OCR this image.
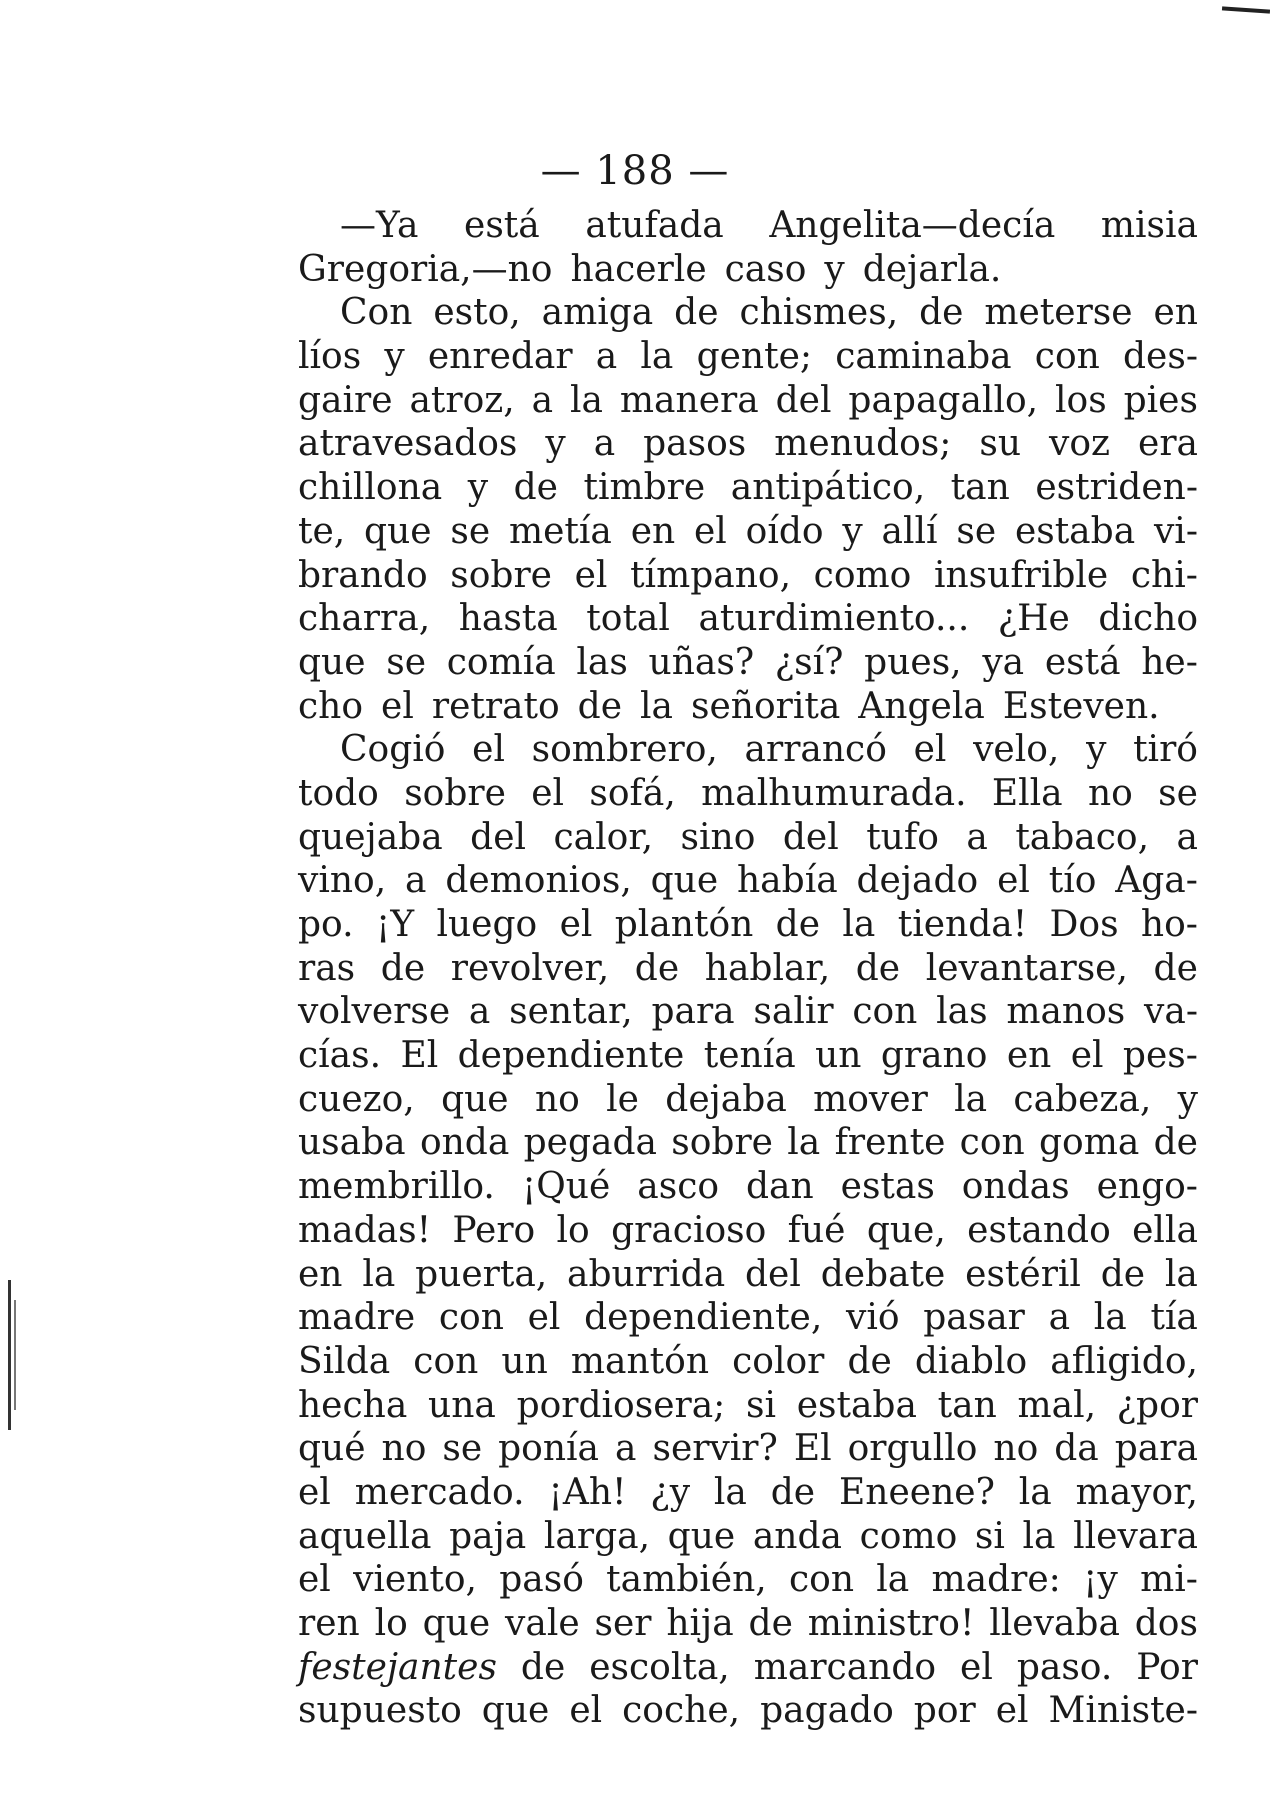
— 188 —
—Ya está atufada Angelita—decía misia
Gregoria,—no hacerle caso y dejarla.
Con esto, amiga de chismes, de meterse en
líos y enredar a la gente; caminaba con des-
gaire atroz, a la manera del papagallo, los pies
atravesados y a pasos menudos; su voz era
chillona y de timbre antipático, tan estriden-
te, que se metía en el oído y allí se estaba vi-
brando sobre el tímpano, como insufrible chi-
charra, hasta total aturdimiento... ¿He dicho
que se comía las uñas? ¿sí? pues, ya está he-
cho el retrato de la señorita Angela Esteven.
Cogió el sombrero, arrancó el velo, y tiró
todo sobre el sofá, malhumurada. Ella no se
quejaba del calor, sino del tufo a tabaco, a
vino, a demonios, que había dejado el tío Aga-
po. ¡Y luego el plantón de la tienda! Dos ho-
ras de revolver, de hablar, de levantarse, de
volverse a sentar, para salir con las manos va-
cías. El dependiente tenía un grano en el pes-
cuezo, que no le dejaba mover la cabeza, y
usaba onda pegada sobre la frente con goma de
membrillo. ¡Qué asco dan estas ondas engo-
madas! Pero lo gracioso fué que, estando ella
en la puerta, aburrida del debate estéril de la
madre con el dependiente, vió pasar a la tía
Silda con un mantón color de diablo afligido,
hecha una pordiosera; si estaba tan mal, ¿por
qué no se ponía a servir? El orgullo no da para
el mercado. ¡Ah! ¿y la de Eneene? la mayor,
aquella paja larga, que anda como si la llevara
el viento, pasó también, con la madre: ¡y mi-
ren lo que vale ser hija de ministro! llevaba dos
festejantes de escolta, marcando el paso. Por
supuesto que el coche, pagado por el Ministe-
